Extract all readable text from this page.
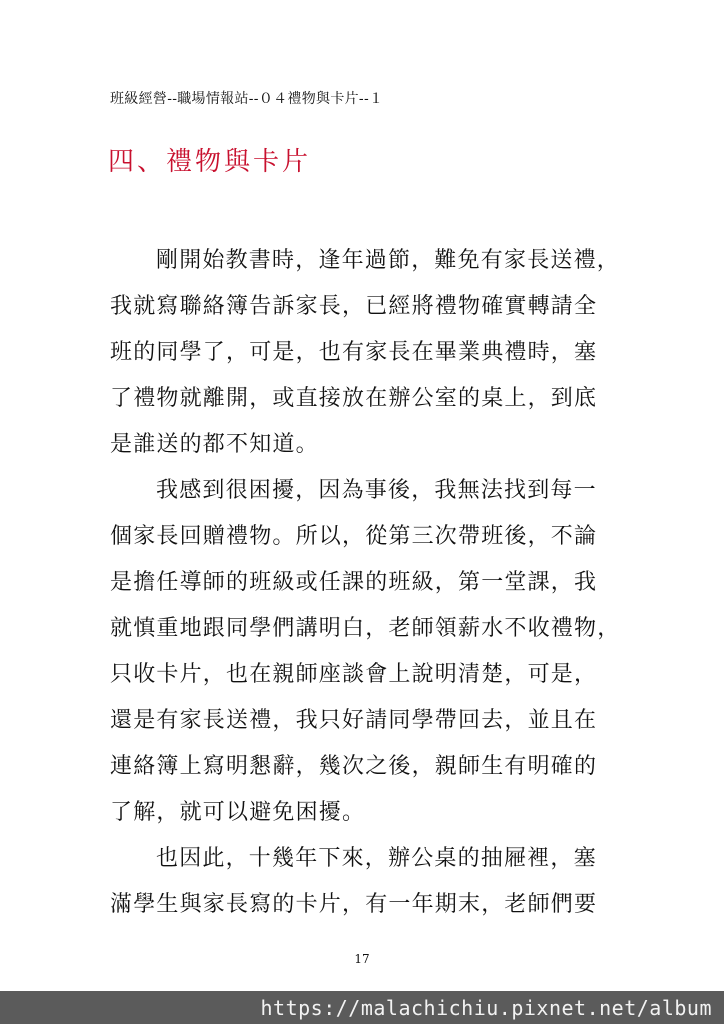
班級經營--職場情報站--０４禮物與卡片--１
四、禮物與卡片
剛開始教書時，逢年過節，難免有家長送禮，
我就寫聯絡簿告訴家長，已經將禮物確實轉請全
班的同學了，可是，也有家長在畢業典禮時，塞
了禮物就離開，或直接放在辦公室的桌上，到底
是誰送的都不知道。
我感到很困擾，因為事後，我無法找到每一
個家長回贈禮物。所以，從第三次帶班後，不論
是擔任導師的班級或任課的班級，第一堂課，我
就慎重地跟同學們講明白，老師領薪水不收禮物，
只收卡片，也在親師座談會上說明清楚，可是，
還是有家長送禮，我只好請同學帶回去，並且在
連絡簿上寫明懇辭，幾次之後，親師生有明確的
了解，就可以避免困擾。
也因此，十幾年下來，辦公桌的抽屜裡，塞
滿學生與家長寫的卡片，有一年期末，老師們要
17
https://malachichiu.pixnet.net/album
